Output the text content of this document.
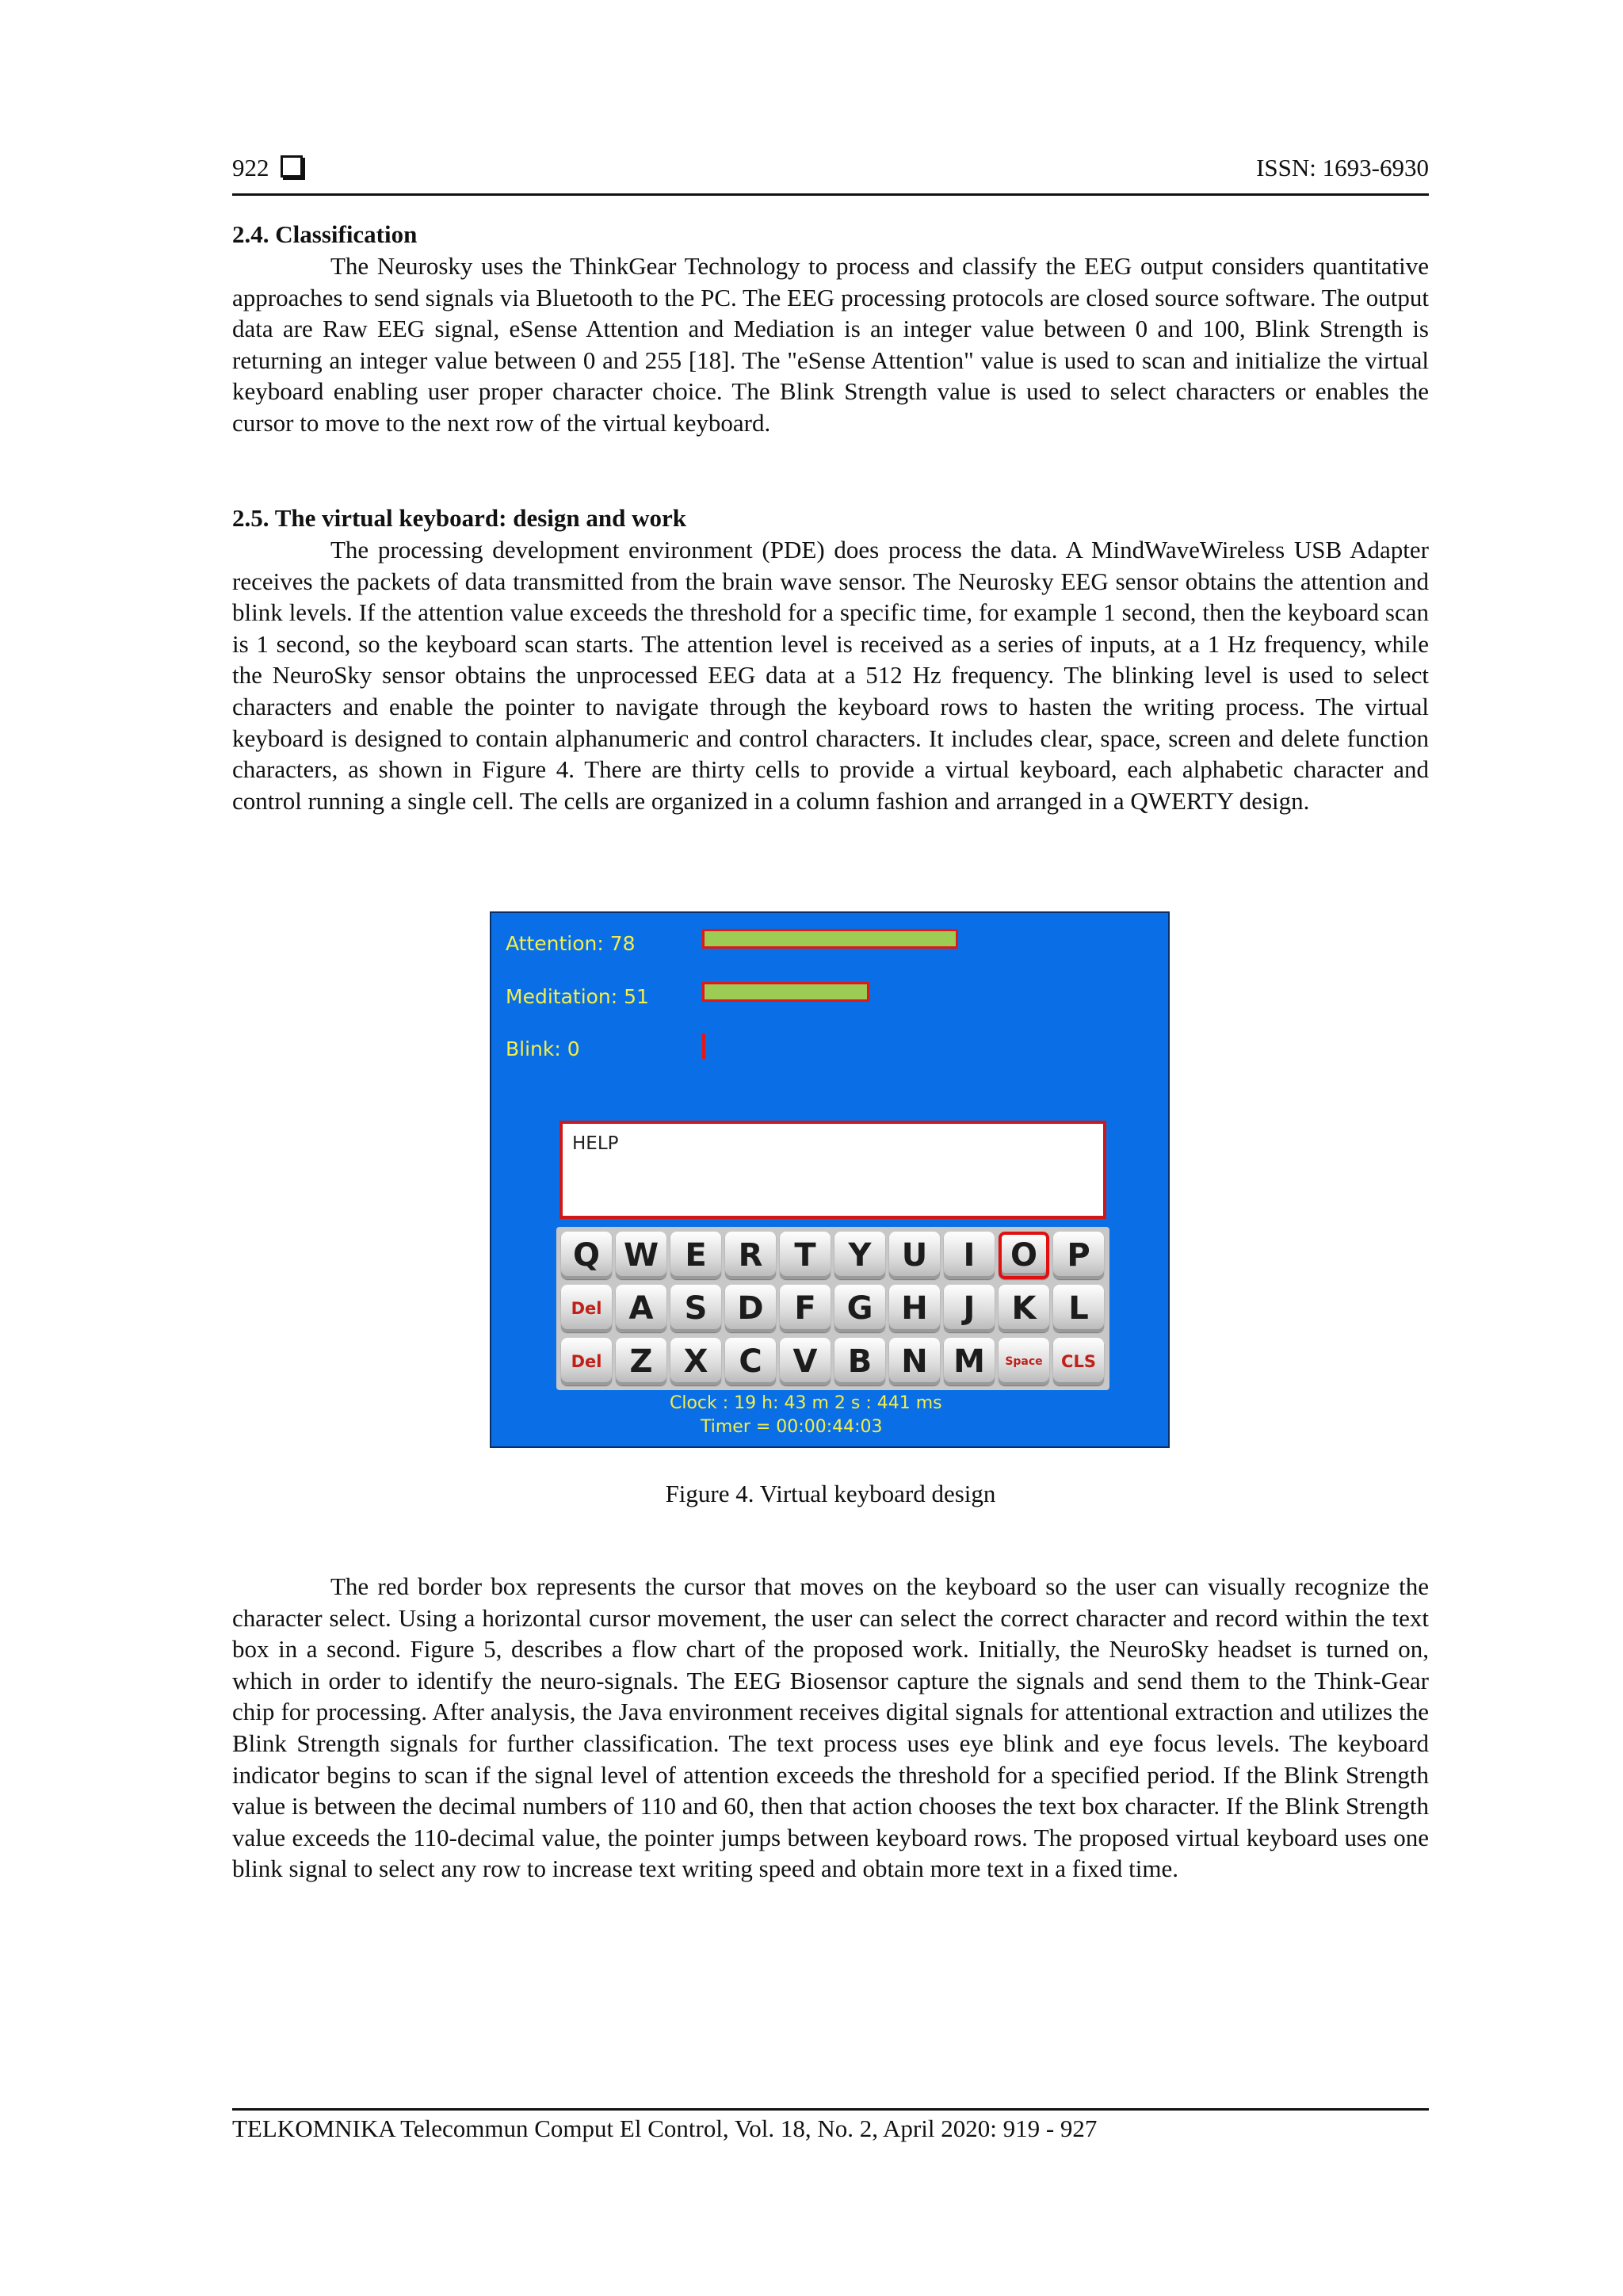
922	ISSN: 1693-6930
2.4. Classification

The Neurosky uses the ThinkGear Technology to process and classify the EEG output considers quantitative approaches to send signals via Bluetooth to the PC. The EEG processing protocols are closed source software. The output data are Raw EEG signal, eSense Attention and Mediation is an integer value between 0 and 100, Blink Strength is returning an integer value between 0 and 255 [18]. The "eSense Attention" value is used to scan and initialize the virtual keyboard enabling user proper character choice. The Blink Strength value is used to select characters or enables the cursor to move to the next row of the virtual keyboard.

2.5. The virtual keyboard: design and work

The processing development environment (PDE) does process the data. A MindWaveWireless USB Adapter receives the packets of data transmitted from the brain wave sensor. The Neurosky EEG sensor obtains the attention and blink levels. If the attention value exceeds the threshold for a specific time, for example 1 second, then the keyboard scan is 1 second, so the keyboard scan starts. The attention level is received as a series of inputs, at a 1 Hz frequency, while the NeuroSky sensor obtains the unprocessed EEG data at a 512 Hz frequency. The blinking level is used to select characters and enable the pointer to navigate through the keyboard rows to hasten the writing process. The virtual keyboard is designed to contain alphanumeric and control characters. It includes clear, space, screen and delete function characters, as shown in Figure 4. There are thirty cells to provide a virtual keyboard, each alphabetic character and control running a single cell. The cells are organized in a column fashion and arranged in a QWERTY design.

Attention: 78
Meditation: 51
Blink: 0
HELP
Q W E R T	Y U	I	O P
Del A S D F G H	J	K	L
Del Z X C V B N M	Space	CLS
Clock : 19 h: 43 m 2 s : 441 ms
Timer = 00:00:44:03
Figure 4. Virtual keyboard design

The red border box represents the cursor that moves on the keyboard so the user can visually recognize the character select. Using a horizontal cursor movement, the user can select the correct character and record within the text box in a second. Figure 5, describes a flow chart of the proposed work. Initially, the NeuroSky headset is turned on, which in order to identify the neuro-signals. The EEG Biosensor capture the signals and send them to the Think-Gear chip for processing. After analysis, the Java environment receives digital signals for attentional extraction and utilizes the Blink Strength signals for further classification. The text process uses eye blink and eye focus levels. The keyboard indicator begins to scan if the signal level of attention exceeds the threshold for a specified period. If the Blink Strength value is between the decimal numbers of 110 and 60, then that action chooses the text box character. If the Blink Strength value exceeds the 110-decimal value, the pointer jumps between keyboard rows. The proposed virtual keyboard uses one blink signal to select any row to increase text writing speed and obtain more text in a fixed time.

TELKOMNIKA Telecommun Comput El Control, Vol. 18, No. 2, April 2020: 919 - 927
